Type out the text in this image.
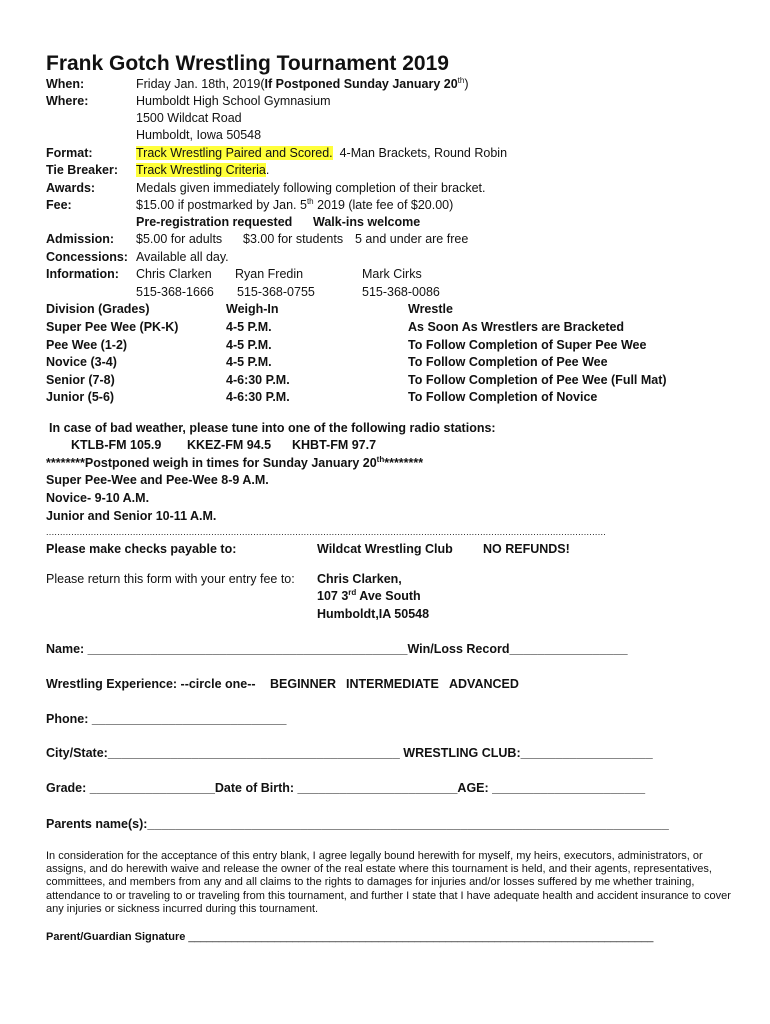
Frank Gotch Wrestling Tournament 2019
When:	Friday Jan. 18th, 2019(If Postponed Sunday January 20th)
Where:	Humboldt High School Gymnasium
1500 Wildcat Road
Humboldt, Iowa 50548
Format:	Track Wrestling Paired and Scored. 4-Man Brackets, Round Robin
Tie Breaker: Track Wrestling Criteria.
Awards:	Medals given immediately following completion of their bracket.
Fee:	$15.00 if postmarked by Jan. 5th 2019 (late fee of $20.00)
Pre-registration requested Walk-ins welcome
Admission: $5.00 for adults $3.00 for students 5 and under are free
Concessions: Available all day.
Information: Chris Clarken Ryan Fredin	Mark Cirks
515-368-1666 515-368-0755	515-368-0086
Division (Grades)	Weigh-In	Wrestle
Super Pee Wee (PK-K)	4-5 P.M.	As Soon As Wrestlers are Bracketed
Pee Wee (1-2)	4-5 P.M.	To Follow Completion of Super Pee Wee
Novice (3-4)	4-5 P.M.	To Follow Completion of Pee Wee
Senior (7-8)	4-6:30 P.M.	To Follow Completion of Pee Wee (Full Mat)
Junior (5-6)	4-6:30 P.M.	To Follow Completion of Novice
In case of bad weather, please tune into one of the following radio stations:
KTLB-FM 105.9 KKEZ-FM 94.5 KHBT-FM 97.7
********Postponed weigh in times for Sunday January 20th********
Super Pee-Wee and Pee-Wee 8-9 A.M.
Novice- 9-10 A.M.
Junior and Senior 10-11 A.M.
........................................................................................................................................................................................................
Please make checks payable to:	Wildcat Wrestling Club NO REFUNDS!
Please return this form with your entry fee to: Chris Clarken,
107 3rd Ave South
Humboldt,IA 50548
Name: ______________________________________________Win/Loss Record_________________
Wrestling Experience: --circle one-- BEGINNER INTERMEDIATE ADVANCED
Phone: ____________________________
City/State:__________________________________________ WRESTLING CLUB:___________________
Grade: __________________Date of Birth: _______________________AGE: ______________________
Parents name(s):___________________________________________________________________________
In consideration for the acceptance of this entry blank, I agree legally bound herewith for myself, my heirs, executors, administrators, or assigns, and do herewith waive and release the owner of the real estate where this tournament is held, and their agents, representatives, committees, and members from any and all claims to the rights to damages for injuries and/or losses suffered by me whether training, attendance to or traveling to or traveling from this tournament, and further I state that I have adequate health and accident insurance to cover any injuries or sickness incurred during this tournament.
Parent/Guardian Signature ____________________________________________________________________________
